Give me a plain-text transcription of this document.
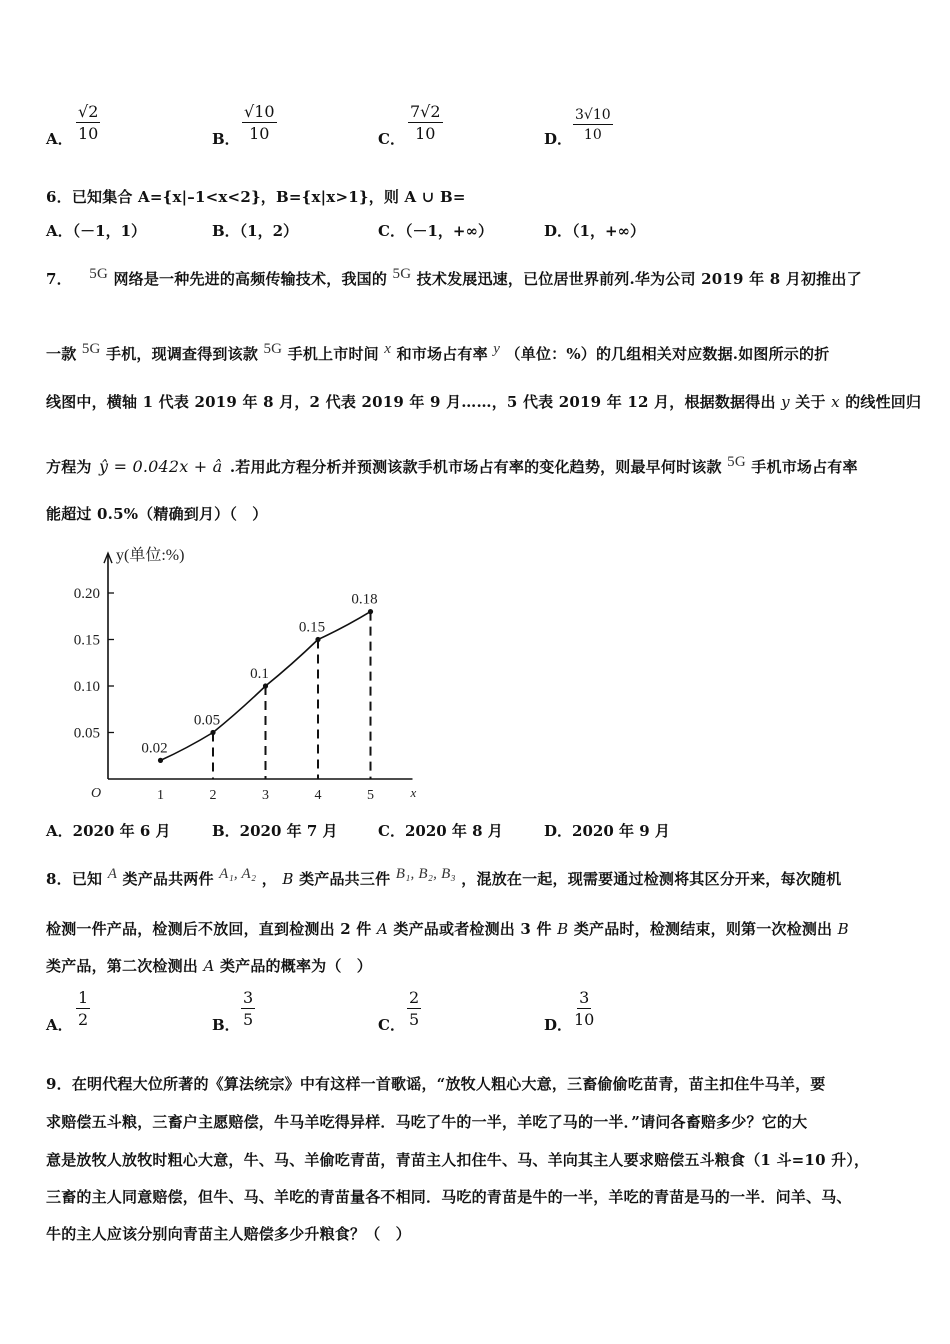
A． $\frac{√2}{10}$	B． $\frac{√10}{10}$	C． $\frac{7√2}{10}$	D． $\frac{3√10}{10}$
6．已知集合 A={x|–1<x<2}，B={x|x>1}，则 A ∪ B=
A．（－1，1）	B．（1，2）	C．（－1，+∞）	D．（1，+∞）
7． 5G 网络是一种先进的高频传输技术，我国的 5G 技术发展迅速，已位居世界前列.华为公司 2019 年 8 月初推出了
一款 5G 手机，现调查得到该款 5G 手机上市时间 x 和市场占有率 y （单位：%）的几组相关对应数据.如图所示的折
线图中，横轴 1 代表 2019 年 8 月，2 代表 2019 年 9 月……，5 代表 2019 年 12 月，根据数据得出 y 关于 x 的线性回归
方程为 ŷ = 0.042x + â .若用此方程分析并预测该款手机市场占有率的变化趋势，则最早何时该款 5G 手机市场占有率
能超过 0.5%（精确到月）（　）
y(单位:%)
x
O
0.05
0.10
0.15
0.20
1	2	3	4	5
0.02
0.05
0.1
0.15
0.18
A．2020 年 6 月	B．2020 年 7 月	C．2020 年 8 月	D．2020 年 9 月
8．已知 A 类产品共两件 A₁, A₂ ， B 类产品共三件 B₁, B₂, B₃ ，混放在一起，现需要通过检测将其区分开来，每次随机
检测一件产品，检测后不放回，直到检测出 2 件 A 类产品或者检测出 3 件 B 类产品时，检测结束，则第一次检测出 B
类产品，第二次检测出 A 类产品的概率为（　）
A． $\frac{1}{2}$	B． $\frac{3}{5}$	C． $\frac{2}{5}$	D． $\frac{3}{10}$
9．在明代程大位所著的《算法统宗》中有这样一首歌谣，“放牧人粗心大意，三畜偷偷吃苗青，苗主扣住牛马羊，要
求赔偿五斗粮，三畜户主愿赔偿，牛马羊吃得异样．马吃了牛的一半，羊吃了马的一半．”请问各畜赔多少？它的大
意是放牧人放牧时粗心大意，牛、马、羊偷吃青苗，青苗主人扣住牛、马、羊向其主人要求赔偿五斗粮食（1 斗=10 升），
三畜的主人同意赔偿，但牛、马、羊吃的青苗量各不相同．马吃的青苗是牛的一半，羊吃的青苗是马的一半．问羊、马、
牛的主人应该分别向青苗主人赔偿多少升粮食？（　）
